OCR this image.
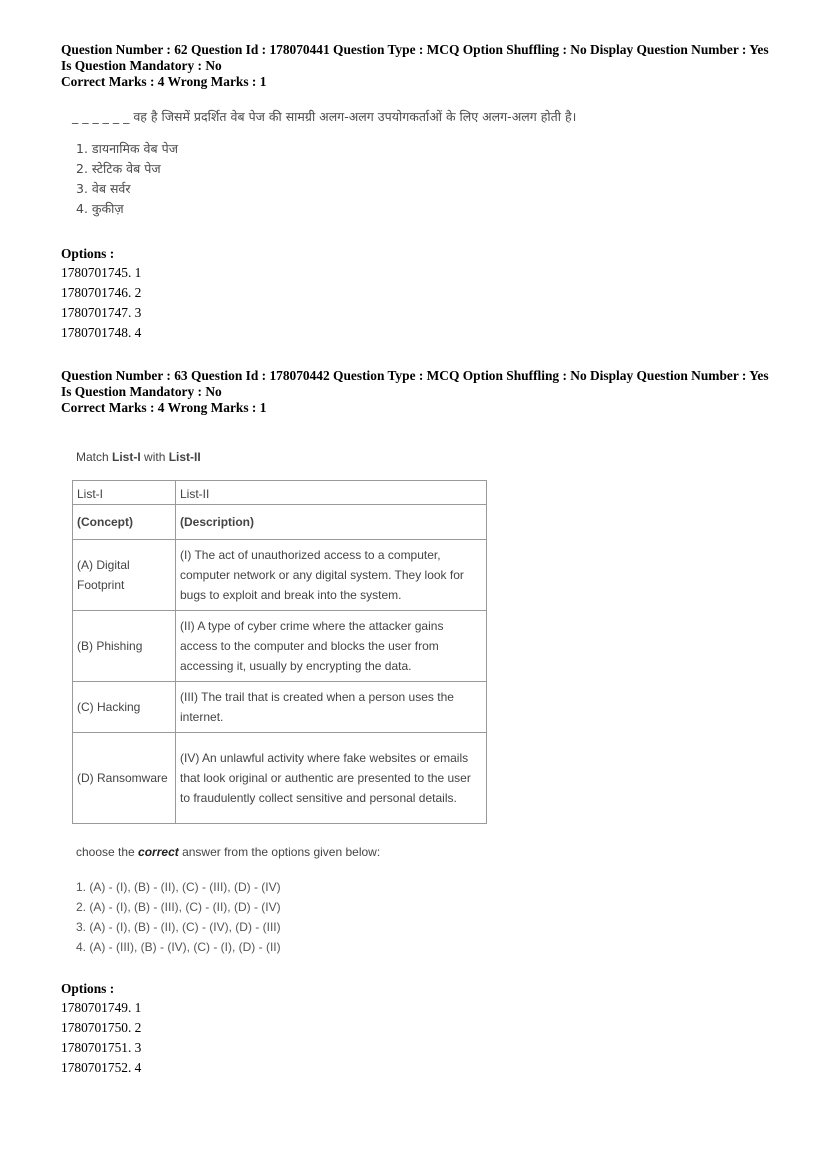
Question Number : 62 Question Id : 178070441 Question Type : MCQ Option Shuffling : No Display Question Number : Yes
Is Question Mandatory : No
Correct Marks : 4 Wrong Marks : 1
_ _ _ _ _ _ वह है जिसमें प्रदर्शित वेब पेज की सामग्री अलग-अलग उपयोगकर्ताओं के लिए अलग-अलग होती है।
1. डायनामिक वेब पेज
2. स्टेटिक वेब पेज
3. वेब सर्वर
4. कुकीज़
Options :
1780701745. 1
1780701746. 2
1780701747. 3
1780701748. 4
Question Number : 63 Question Id : 178070442 Question Type : MCQ Option Shuffling : No Display Question Number : Yes
Is Question Mandatory : No
Correct Marks : 4 Wrong Marks : 1
Match List-I with List-II
List-I	List-II
(Concept)	(Description)
(A) Digital Footprint	(I) The act of unauthorized access to a computer, computer network or any digital system. They look for bugs to exploit and break into the system.
(B) Phishing	(II) A type of cyber crime where the attacker gains access to the computer and blocks the user from accessing it, usually by encrypting the data.
(C) Hacking	(III) The trail that is created when a person uses the internet.
(D) Ransomware	(IV) An unlawful activity where fake websites or emails that look original or authentic are presented to the user to fraudulently collect sensitive and personal details.
choose the correct answer from the options given below:
1. (A) - (I), (B) - (II), (C) - (III), (D) - (IV)
2. (A) - (I), (B) - (III), (C) - (II), (D) - (IV)
3. (A) - (I), (B) - (II), (C) - (IV), (D) - (III)
4. (A) - (III), (B) - (IV), (C) - (I), (D) - (II)
Options :
1780701749. 1
1780701750. 2
1780701751. 3
1780701752. 4
